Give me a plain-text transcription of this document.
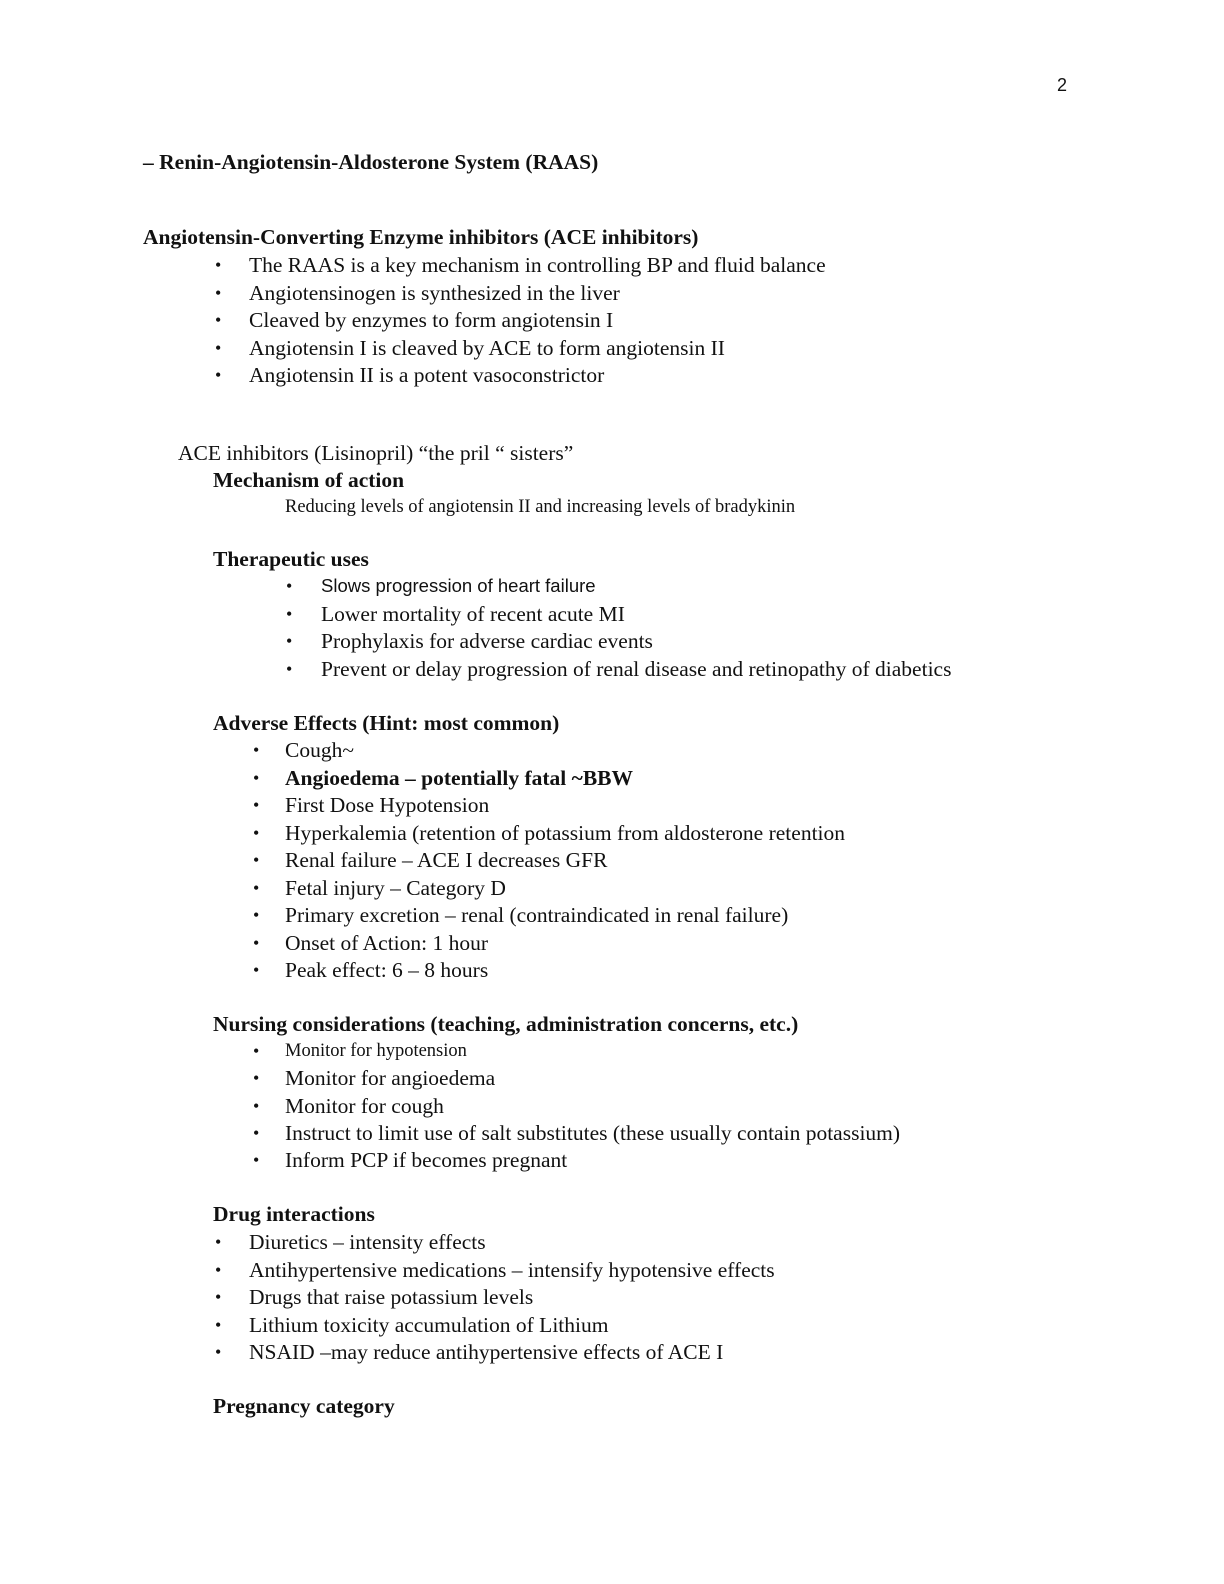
2
– Renin-Angiotensin-Aldosterone System (RAAS)
Angiotensin-Converting Enzyme inhibitors (ACE inhibitors)
• The RAAS is a key mechanism in controlling BP and fluid balance
• Angiotensinogen is synthesized in the liver
• Cleaved by enzymes to form angiotensin I
• Angiotensin I is cleaved by ACE to form angiotensin II
• Angiotensin II is a potent vasoconstrictor
ACE inhibitors (Lisinopril) “the pril “ sisters”
Mechanism of action
Reducing levels of angiotensin II and increasing levels of bradykinin
Therapeutic uses
• Slows progression of heart failure
• Lower mortality of recent acute MI
• Prophylaxis for adverse cardiac events
• Prevent or delay progression of renal disease and retinopathy of diabetics
Adverse Effects (Hint: most common)
• Cough~
• Angioedema – potentially fatal ~BBW
• First Dose Hypotension
• Hyperkalemia (retention of potassium from aldosterone retention
• Renal failure – ACE I decreases GFR
• Fetal injury – Category D
• Primary excretion – renal (contraindicated in renal failure)
• Onset of Action: 1 hour
• Peak effect: 6 – 8 hours
Nursing considerations (teaching, administration concerns, etc.)
• Monitor for hypotension
• Monitor for angioedema
• Monitor for cough
• Instruct to limit use of salt substitutes (these usually contain potassium)
• Inform PCP if becomes pregnant
Drug interactions
• Diuretics – intensity effects
• Antihypertensive medications – intensify hypotensive effects
• Drugs that raise potassium levels
• Lithium toxicity accumulation of Lithium
• NSAID –may reduce antihypertensive effects of ACE I
Pregnancy category
